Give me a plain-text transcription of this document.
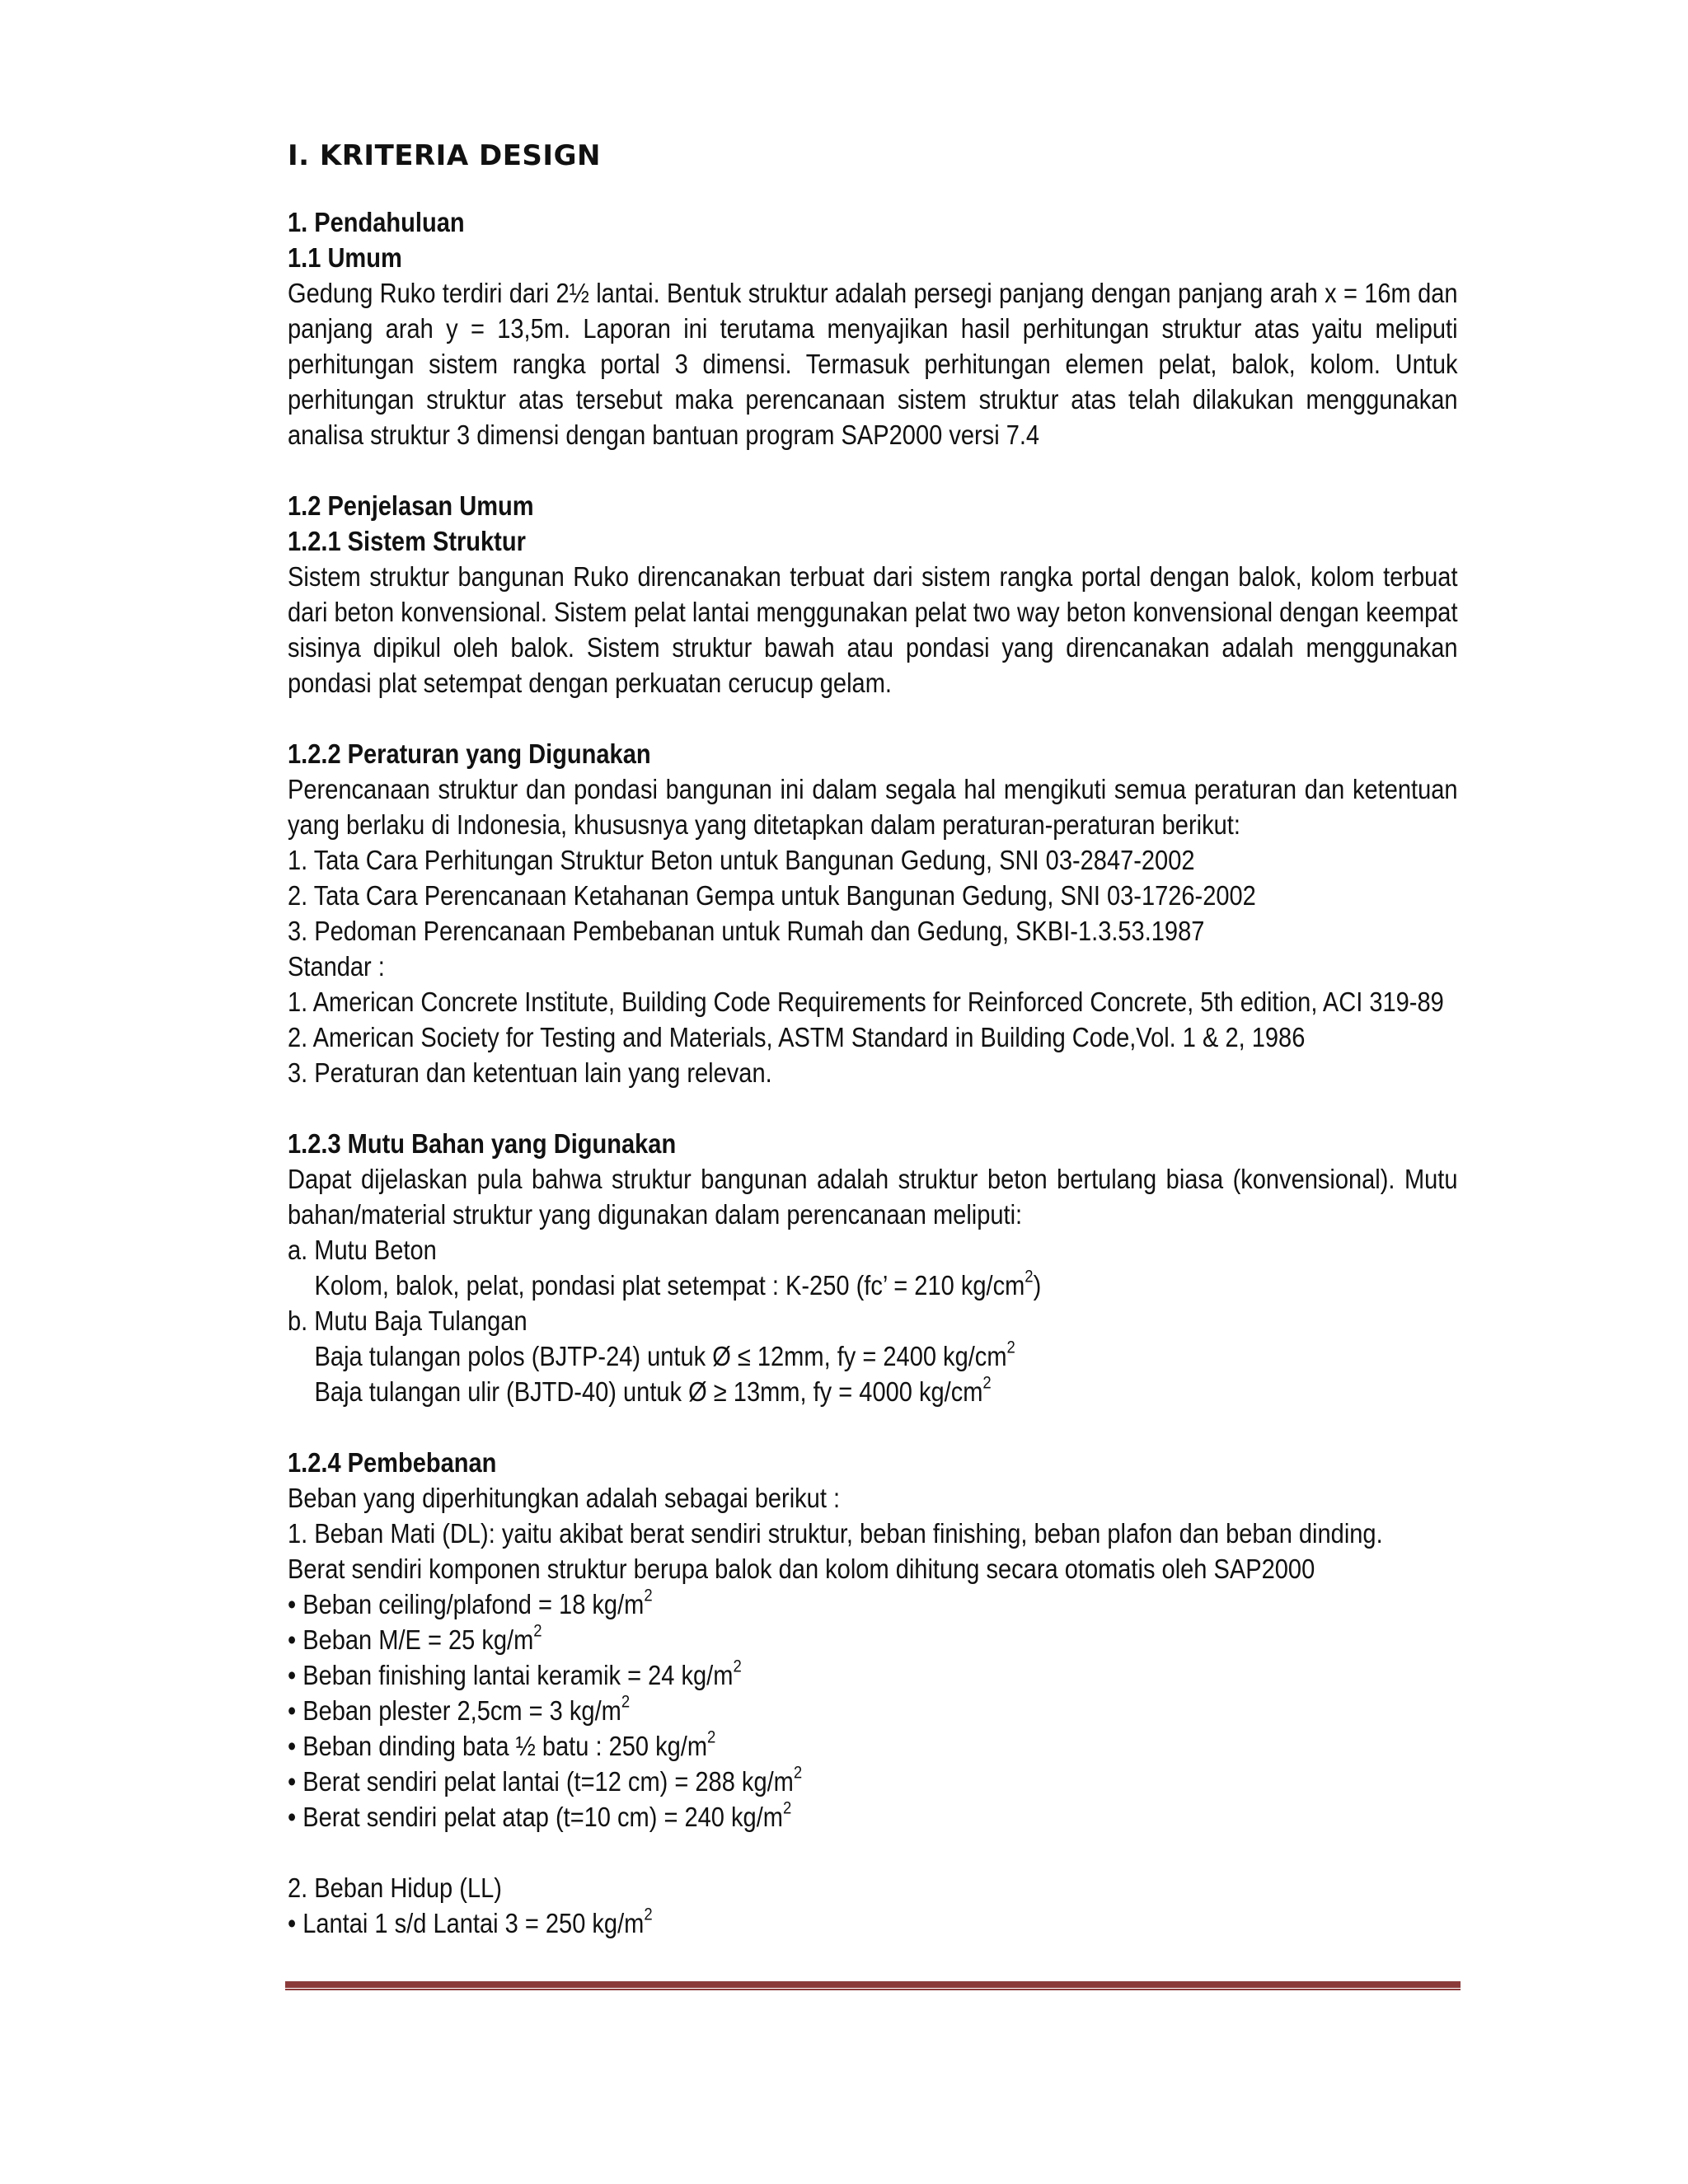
I. KRITERIA DESIGN
1. Pendahuluan
1.1 Umum
Gedung Ruko terdiri dari 2½ lantai. Bentuk struktur adalah persegi panjang dengan panjang arah x = 16m dan panjang arah y = 13,5m. Laporan ini terutama menyajikan hasil perhitungan struktur atas yaitu meliputi perhitungan sistem rangka portal 3 dimensi. Termasuk perhitungan elemen pelat, balok, kolom. Untuk perhitungan struktur atas tersebut maka perencanaan sistem struktur atas telah dilakukan menggunakan analisa struktur 3 dimensi dengan bantuan program SAP2000 versi 7.4
1.2 Penjelasan Umum
1.2.1 Sistem Struktur
Sistem struktur bangunan Ruko direncanakan terbuat dari sistem rangka portal dengan balok, kolom terbuat dari beton konvensional. Sistem pelat lantai menggunakan pelat two way beton konvensional dengan keempat sisinya dipikul oleh balok. Sistem struktur bawah atau pondasi yang direncanakan adalah menggunakan pondasi plat setempat dengan perkuatan cerucup gelam.
1.2.2 Peraturan yang Digunakan
Perencanaan struktur dan pondasi bangunan ini dalam segala hal mengikuti semua peraturan dan ketentuan yang berlaku di Indonesia, khususnya yang ditetapkan dalam peraturan-peraturan berikut:
1. Tata Cara Perhitungan Struktur Beton untuk Bangunan Gedung, SNI 03-2847-2002
2. Tata Cara Perencanaan Ketahanan Gempa untuk Bangunan Gedung, SNI 03-1726-2002
3. Pedoman Perencanaan Pembebanan untuk Rumah dan Gedung, SKBI-1.3.53.1987
Standar :
1. American Concrete Institute, Building Code Requirements for Reinforced Concrete, 5th edition, ACI 319-89
2. American Society for Testing and Materials, ASTM Standard in Building Code,Vol. 1 & 2, 1986
3. Peraturan dan ketentuan lain yang relevan.
1.2.3 Mutu Bahan yang Digunakan
Dapat dijelaskan pula bahwa struktur bangunan adalah struktur beton bertulang biasa (konvensional). Mutu bahan/material struktur yang digunakan dalam perencanaan meliputi:
a. Mutu Beton
Kolom, balok, pelat, pondasi plat setempat : K-250 (fc’ = 210 $kg/cm^2$)
b. Mutu Baja Tulangan
Baja tulangan polos (BJTP-24) untuk Ø ≤ 12mm, fy = 2400 $kg/cm^2$
Baja tulangan ulir (BJTD-40) untuk Ø ≥ 13mm, fy = 4000 $kg/cm^2$
1.2.4 Pembebanan
Beban yang diperhitungkan adalah sebagai berikut :
1. Beban Mati (DL): yaitu akibat berat sendiri struktur, beban finishing, beban plafon dan beban dinding.
Berat sendiri komponen struktur berupa balok dan kolom dihitung secara otomatis oleh SAP2000
• Beban ceiling/plafond = 18 $kg/m^2$
• Beban M/E = 25 $kg/m^2$
• Beban finishing lantai keramik = 24 $kg/m^2$
• Beban plester 2,5cm = 3 $kg/m^2$
• Beban dinding bata ½ batu : 250 $kg/m^2$
• Berat sendiri pelat lantai (t=12 cm) = 288 $kg/m^2$
• Berat sendiri pelat atap (t=10 cm) = 240 $kg/m^2$
2. Beban Hidup (LL)
• Lantai 1 s/d Lantai 3 = 250 $kg/m^2$
